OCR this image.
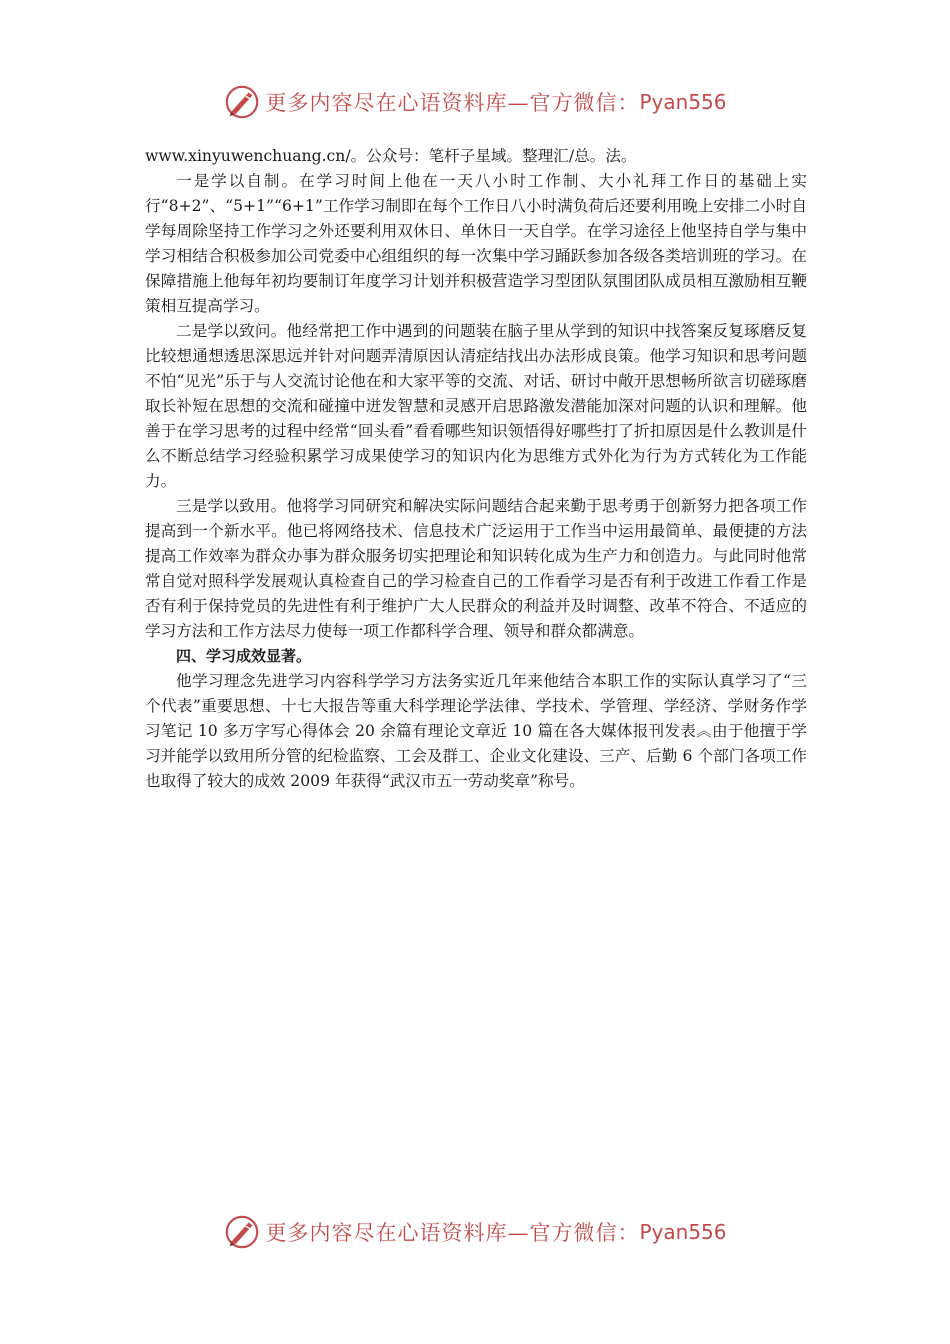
更多内容尽在心语资料库—官方微信： Pyan556

www.xinyuwenchuang.cn/。公众号：笔杆子星域。整理汇/总。法。

一是学以自制。在学习时间上他在一天八小时工作制、大小礼拜工作日的基础上实行“8+2”、“5+1”“6+1”工作学习制即在每个工作日八小时满负荷后还要利用晚上安排二小时自学每周除坚持工作学习之外还要利用双休日、单休日一天自学。在学习途径上他坚持自学与集中学习相结合积极参加公司党委中心组组织的每一次集中学习踊跃参加各级各类培训班的学习。在保障措施上他每年初均要制订年度学习计划并积极营造学习型团队氛围团队成员相互激励相互鞭策相互提高学习。

二是学以致问。他经常把工作中遇到的问题装在脑子里从学到的知识中找答案反复琢磨反复比较想通想透思深思远并针对问题弄清原因认清症结找出办法形成良策。他学习知识和思考问题不怕“见光”乐于与人交流讨论他在和大家平等的交流、对话、研讨中敞开思想畅所欲言切磋琢磨取长补短在思想的交流和碰撞中迸发智慧和灵感开启思路激发潜能加深对问题的认识和理解。他善于在学习思考的过程中经常“回头看”看看哪些知识领悟得好哪些打了折扣原因是什么教训是什么不断总结学习经验积累学习成果使学习的知识内化为思维方式外化为行为方式转化为工作能力。

三是学以致用。他将学习同研究和解决实际问题结合起来勤于思考勇于创新努力把各项工作提高到一个新水平。他已将网络技术、信息技术广泛运用于工作当中运用最简单、最便捷的方法提高工作效率为群众办事为群众服务切实把理论和知识转化成为生产力和创造力。与此同时他常常自觉对照科学发展观认真检查自己的学习检查自己的工作看学习是否有利于改进工作看工作是否有利于保持党员的先进性有利于维护广大人民群众的利益并及时调整、改革不符合、不适应的学习方法和工作方法尽力使每一项工作都科学合理、领导和群众都满意。

四、学习成效显著。

他学习理念先进学习内容科学学习方法务实近几年来他结合本职工作的实际认真学习了“三个代表”重要思想、十七大报告等重大科学理论学法律、学技术、学管理、学经济、学财务作学习笔记 10 多万字写心得体会 20 余篇有理论文章近 10 篇在各大媒体报刊发表︽由于他擅于学习并能学以致用所分管的纪检监察、工会及群工、企业文化建设、三产、后勤 6 个部门各项工作也取得了较大的成效 2009 年获得“武汉市五一劳动奖章”称号。

更多内容尽在心语资料库—官方微信： Pyan556
